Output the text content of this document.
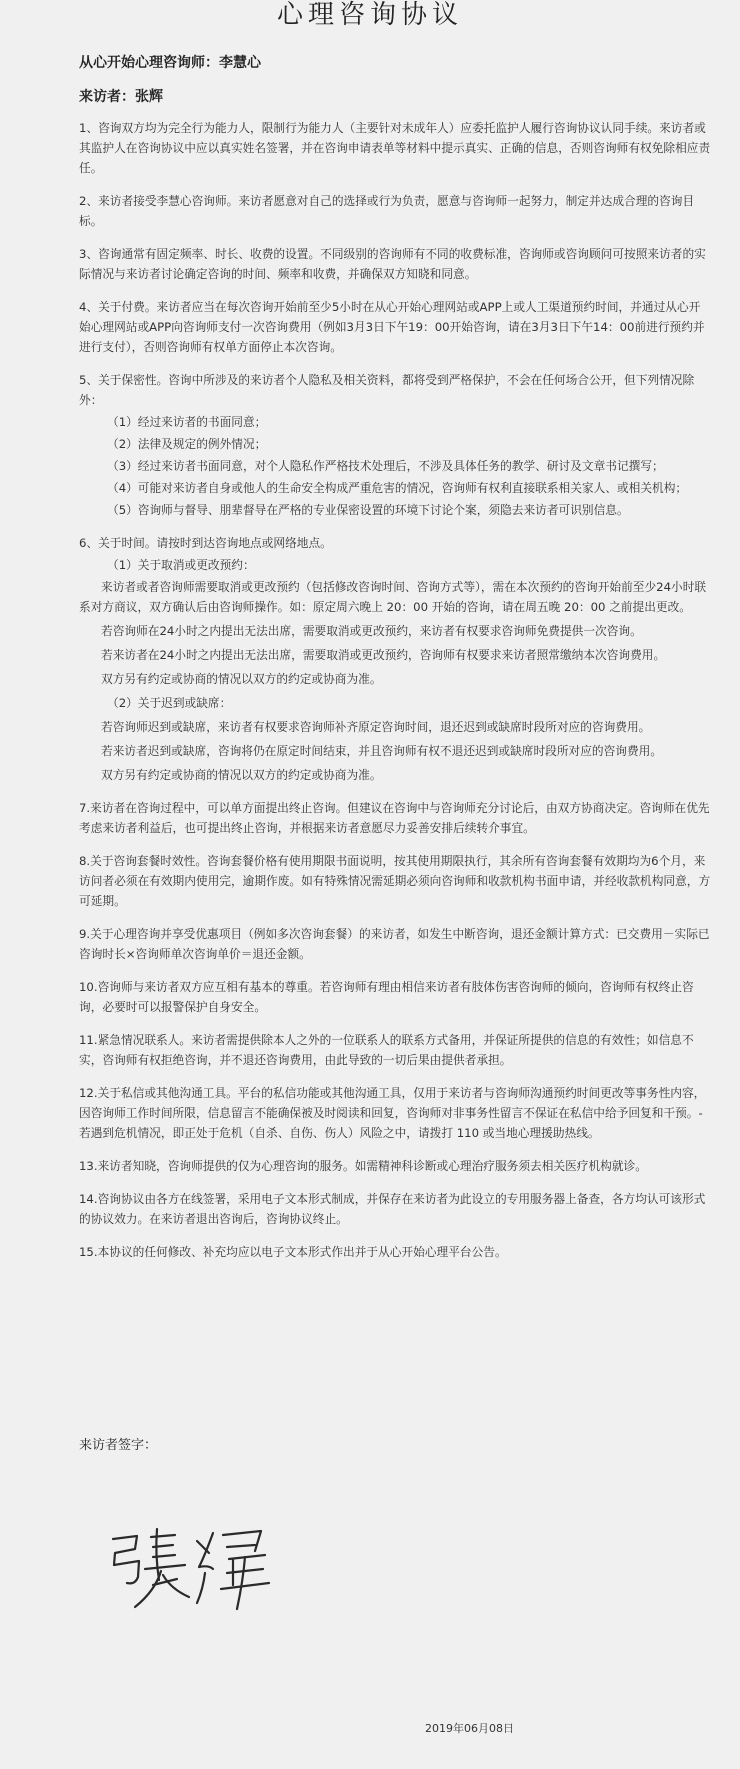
心理咨询协议
从心开始心理咨询师：李慧心
来访者：张辉

1、咨询双方均为完全行为能力人，限制行为能力人（主要针对未成年人）应委托监护人履行咨询协议认同手续。来访者或其监护人在咨询协议中应以真实姓名签署，并在咨询申请表单等材料中提示真实、正确的信息，否则咨询师有权免除相应责任。

2、来访者接受李慧心咨询师。来访者愿意对自己的选择或行为负责，愿意与咨询师一起努力，制定并达成合理的咨询目标。

3、咨询通常有固定频率、时长、收费的设置。不同级别的咨询师有不同的收费标准，咨询师或咨询顾问可按照来访者的实际情况与来访者讨论确定咨询的时间、频率和收费，并确保双方知晓和同意。

4、关于付费。来访者应当在每次咨询开始前至少5小时在从心开始心理网站或APP上或人工渠道预约时间，并通过从心开始心理网站或APP向咨询师支付一次咨询费用（例如3月3日下午19：00开始咨询，请在3月3日下午14：00前进行预约并进行支付），否则咨询师有权单方面停止本次咨询。

5、关于保密性。咨询中所涉及的来访者个人隐私及相关资料，都将受到严格保护，不会在任何场合公开，但下列情况除外：

（1）经过来访者的书面同意；
（2）法律及规定的例外情况；
（3）经过来访者书面同意，对个人隐私作严格技术处理后，不涉及具体任务的教学、研讨及文章书记撰写；
（4）可能对来访者自身或他人的生命安全构成严重危害的情况，咨询师有权利直接联系相关家人、或相关机构；
（5）咨询师与督导、朋辈督导在严格的专业保密设置的环境下讨论个案，须隐去来访者可识别信息。

6、关于时间。请按时到达咨询地点或网络地点。

（1）关于取消或更改预约：
来访者或者咨询师需要取消或更改预约（包括修改咨询时间、咨询方式等），需在本次预约的咨询开始前至少24小时联系对方商议，双方确认后由咨询师操作。如：原定周六晚上 20：00 开始的咨询，请在周五晚 20：00 之前提出更改。
若咨询师在24小时之内提出无法出席，需要取消或更改预约，来访者有权要求咨询师免费提供一次咨询。
若来访者在24小时之内提出无法出席，需要取消或更改预约，咨询师有权要求来访者照常缴纳本次咨询费用。
双方另有约定或协商的情况以双方的约定或协商为准。
（2）关于迟到或缺席：
若咨询师迟到或缺席，来访者有权要求咨询师补齐原定咨询时间，退还迟到或缺席时段所对应的咨询费用。
若来访者迟到或缺席，咨询将仍在原定时间结束，并且咨询师有权不退还迟到或缺席时段所对应的咨询费用。
双方另有约定或协商的情况以双方的约定或协商为准。

7.来访者在咨询过程中，可以单方面提出终止咨询。但建议在咨询中与咨询师充分讨论后，由双方协商决定。咨询师在优先考虑来访者利益后，也可提出终止咨询，并根据来访者意愿尽力妥善安排后续转介事宜。

8.关于咨询套餐时效性。咨询套餐价格有使用期限书面说明，按其使用期限执行，其余所有咨询套餐有效期均为6个月，来访问者必须在有效期内使用完，逾期作废。如有特殊情况需延期必须向咨询师和收款机构书面申请，并经收款机构同意，方可延期。

9.关于心理咨询并享受优惠项目（例如多次咨询套餐）的来访者，如发生中断咨询，退还金额计算方式：已交费用－实际已咨询时长×咨询师单次咨询单价＝退还金额。

10.咨询师与来访者双方应互相有基本的尊重。若咨询师有理由相信来访者有肢体伤害咨询师的倾向，咨询师有权终止咨询，必要时可以报警保护自身安全。

11.紧急情况联系人。来访者需提供除本人之外的一位联系人的联系方式备用，并保证所提供的信息的有效性；如信息不实，咨询师有权拒绝咨询，并不退还咨询费用，由此导致的一切后果由提供者承担。

12.关于私信或其他沟通工具。平台的私信功能或其他沟通工具，仅用于来访者与咨询师沟通预约时间更改等事务性内容，因咨询师工作时间所限，信息留言不能确保被及时阅读和回复，咨询师对非事务性留言不保证在私信中给予回复和干预。- 若遇到危机情况，即正处于危机（自杀、自伤、伤人）风险之中，请拨打 110 或当地心理援助热线。

13.来访者知晓，咨询师提供的仅为心理咨询的服务。如需精神科诊断或心理治疗服务须去相关医疗机构就诊。

14.咨询协议由各方在线签署，采用电子文本形式制成，并保存在来访者为此设立的专用服务器上备查，各方均认可该形式的协议效力。在来访者退出咨询后，咨询协议终止。

15.本协议的任何修改、补充均应以电子文本形式作出并于从心开始心理平台公告。

来访者签字：
2019年06月08日
